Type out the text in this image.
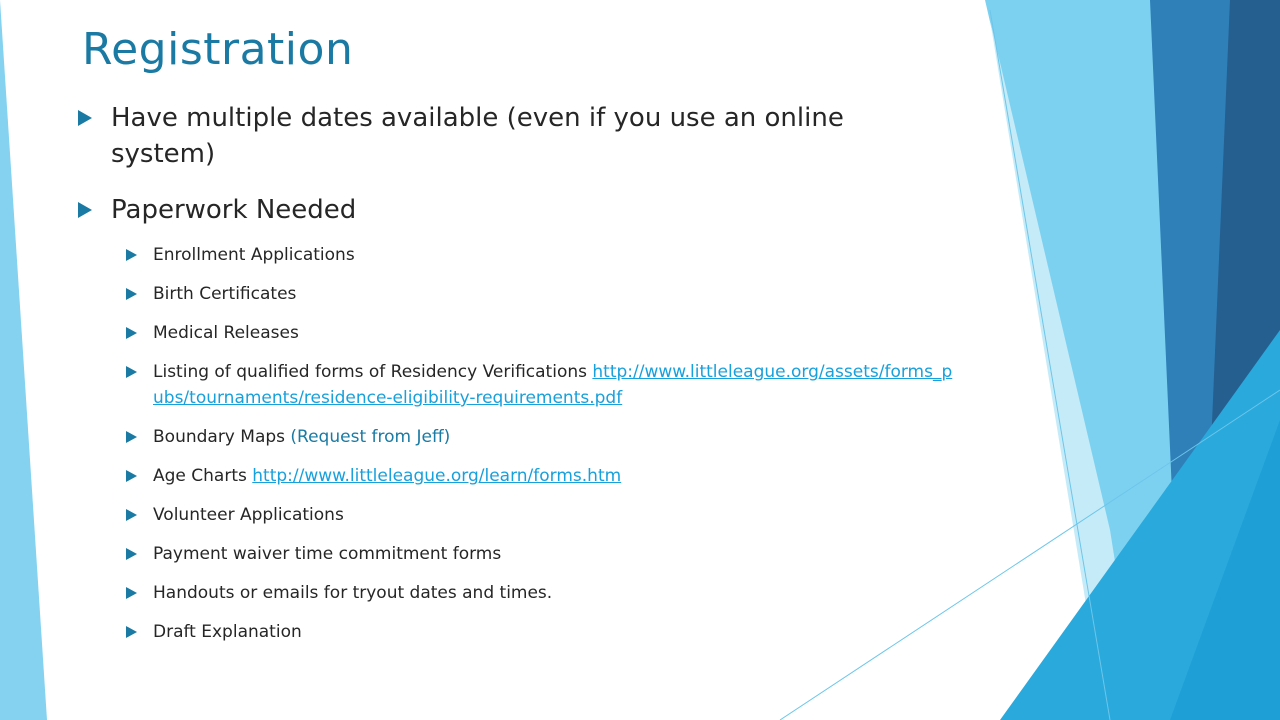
Registration
Have multiple dates available (even if you use an online system)
Paperwork Needed
Enrollment Applications
Birth Certificates
Medical Releases
Listing of qualified forms of Residency Verifications http://www.littleleague.org/assets/forms_pubs/tournaments/residence-eligibility-requirements.pdf
Boundary Maps (Request from Jeff)
Age Charts http://www.littleleague.org/learn/forms.htm
Volunteer Applications
Payment waiver time commitment forms
Handouts or emails for tryout dates and times.
Draft Explanation
